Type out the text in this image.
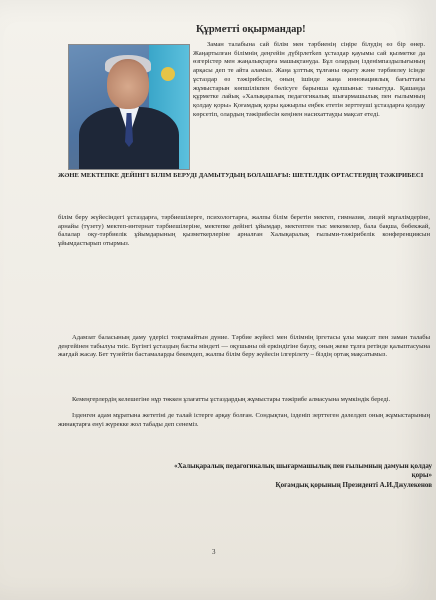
Құрметті оқырмандар!
Заман талабына сай білім мен тәрбиенің сіңіре білудің өз бір өнер. Жаңартылған білімнің деңгейін дүбірлетken ұстаздар қауымы сай қызметке да өзгерістер мен жаңалықтарға машықтануда. Бұл олардың ізденімпаздылығының арқасы деп те айта аламыз. Жаңа ұлттық тұлғаны оқыту және тәрбиелеу ісінде ұстаздар өз тәжірибесін, оның ішінде жаңа инновациялық бағыттағы жұмыстарын көпшілікпен бөлісуге барынша құлшыныс танытуда. Қашанда құрметке лайық «Халықаралық педагогикалық шығармашылық пен ғылымның қолдау қоры» Қоғамдық қоры қажырлы еңбек ететін зерттеуші ұстаздарға қолдау көрсетіп, олардың тәжірибесін кеңінен насихаттауды мақсат етеді.
ЖӘНЕ МЕКТЕПКЕ ДЕЙІНГІ БІЛІМ БЕРУДІ ДАМЫТУДЫҢ БОЛАШАҒЫ: ШЕТЕЛДІК ОРТАСТЕРДІҢ ТӘЖІРИБЕСІ
білім беру жүйесіндегі ұстаздарға, тәрбиешілерге, психологтарға, жалпы білім беретін мектеп, гимназия, лицей мұғалімдеріне, арнайы (түзету) мектеп-интернат тәрбиешілеріне, мектепке дейінгі ұйымдар, мектептен тыс мекемелер, бала бақша, бөбекжай, балалар оқу-тәрбиелік ұйымдарының қызметкерлеріне арналған Халықаралық ғылыми-тәжірибелік конференциясын ұйымдастырып отырмыз.
Адамзат баласының даму үдерісі тоқтамайтын дүние. Тәрбие жүйесі мен білімнің іргетасы ұлы мақсат пен заман талабы деңгейінен табылуы тиіс. Бүгінгі ұстаздың басты міндеті — оқушыны ой еркіндігіне баулу, оның жеке тұлға ретінде қалыптасуына жағдай жасау. Бет түзейтін бастамаларды бекемдеп, жалпы білім беру жүйесін ілгерілету – біздің ортақ мақсатымыз.
Кемеңгерлердің келешегіне нұр төккен ұлағатты ұстаздардың жұмыстары тәжірибе алмасуына мүмкіндік береді.
Ізденген адам мұратына жететіні де талай істерге арқау болған. Сондықтан, ізденіп зерттеген дәлелдеп оның жұмыстарының жинақтарға енуі жүрекке жол табады деп сенеміз.
«Халықаралық педагогикалық шығармашылық пен ғылымның дамуын қолдау қоры»
Қоғамдық қорының Президенті А.И.Джулекенов
3
